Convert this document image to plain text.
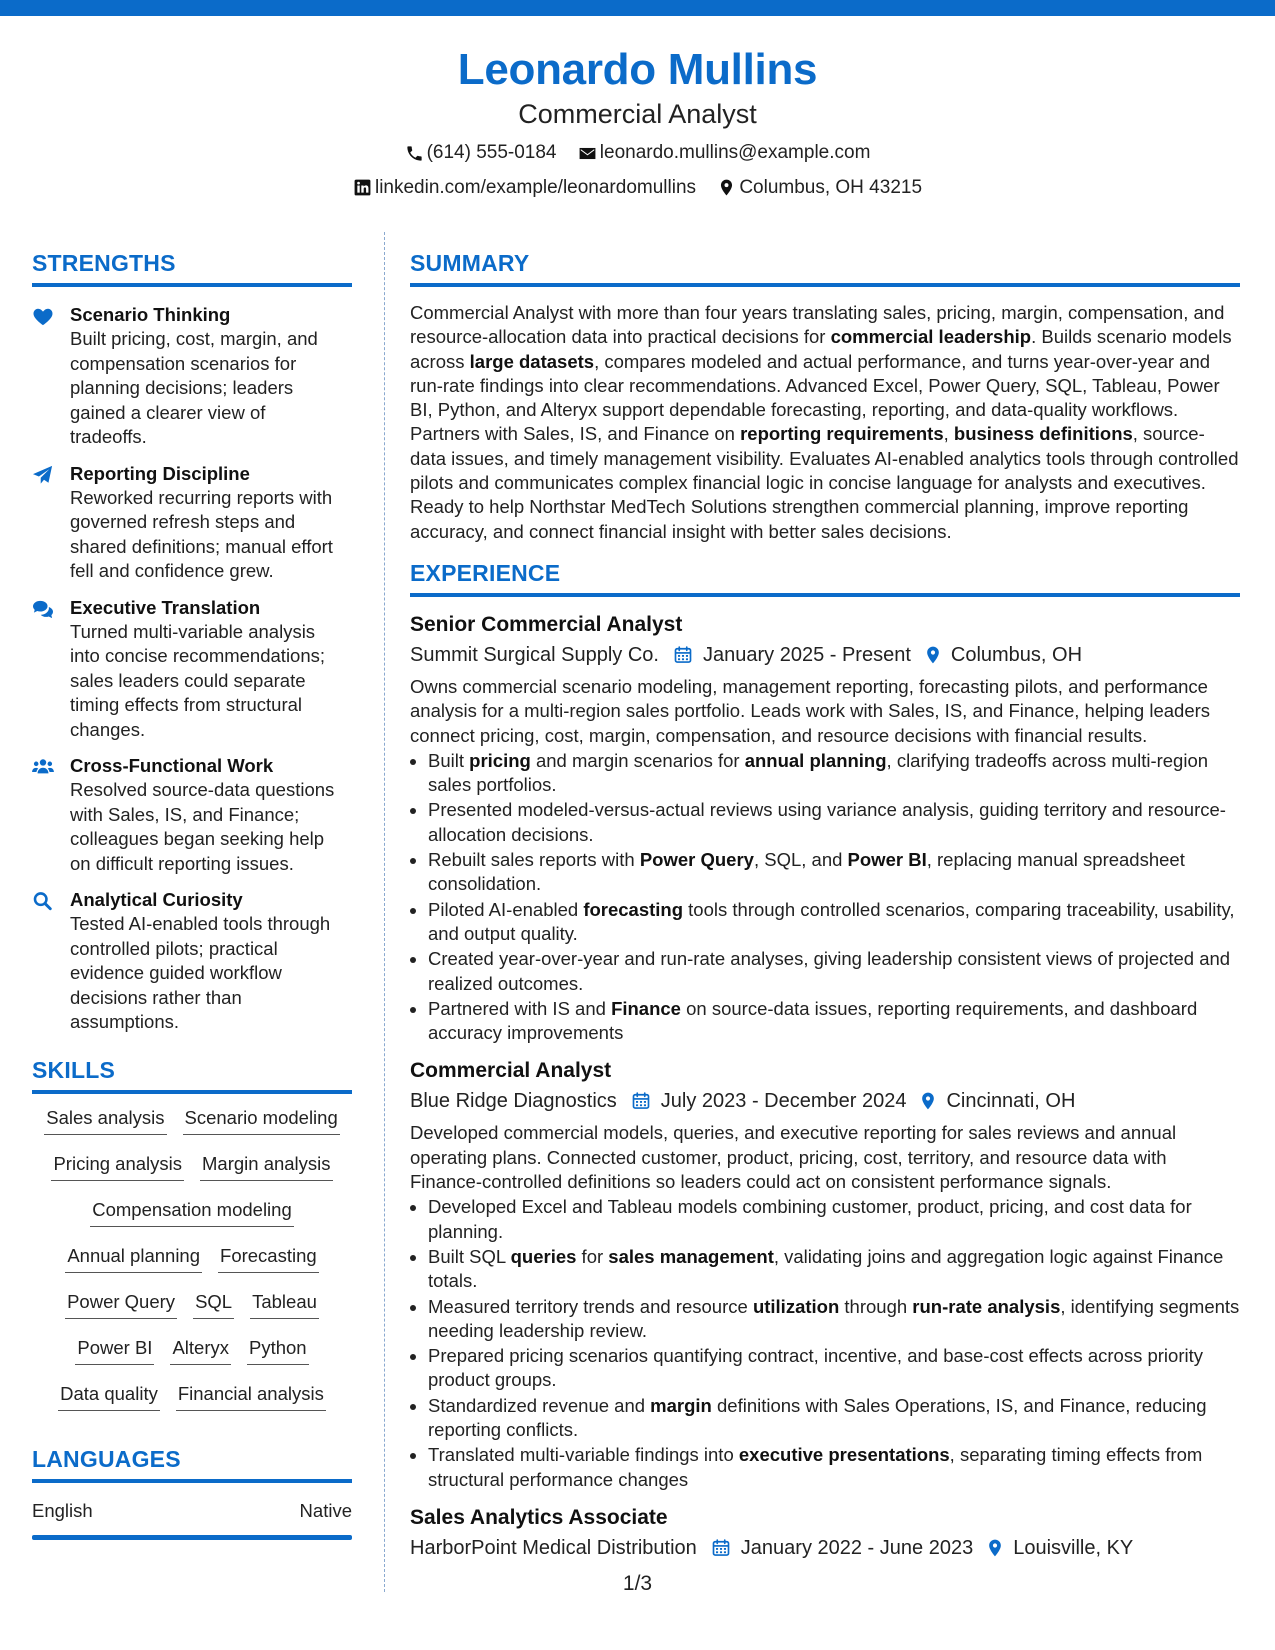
Leonardo Mullins
Commercial Analyst
(614) 555-0184
leonardo.mullins@example.com
linkedin.com/example/leonardomullins
Columbus, OH 43215
STRENGTHS
Scenario Thinking
Built pricing, cost, margin, and compensation scenarios for planning decisions; leaders gained a clearer view of tradeoffs.
Reporting Discipline
Reworked recurring reports with governed refresh steps and shared definitions; manual effort fell and confidence grew.
Executive Translation
Turned multi-variable analysis into concise recommendations; sales leaders could separate timing effects from structural changes.
Cross-Functional Work
Resolved source-data questions with Sales, IS, and Finance; colleagues began seeking help on difficult reporting issues.
Analytical Curiosity
Tested AI-enabled tools through controlled pilots; practical evidence guided workflow decisions rather than assumptions.
SKILLS
Sales analysis Scenario modeling
Pricing analysis Margin analysis
Compensation modeling
Annual planning Forecasting
Power Query SQL Tableau
Power BI Alteryx Python
Data quality Financial analysis
LANGUAGES
English	Native
SUMMARY
Commercial Analyst with more than four years translating sales, pricing, margin, compensation, and resource-allocation data into practical decisions for commercial leadership. Builds scenario models across large datasets, compares modeled and actual performance, and turns year-over-year and run-rate findings into clear recommendations. Advanced Excel, Power Query, SQL, Tableau, Power BI, Python, and Alteryx support dependable forecasting, reporting, and data-quality workflows. Partners with Sales, IS, and Finance on reporting requirements, business definitions, source-data issues, and timely management visibility. Evaluates AI-enabled analytics tools through controlled pilots and communicates complex financial logic in concise language for analysts and executives. Ready to help Northstar MedTech Solutions strengthen commercial planning, improve reporting accuracy, and connect financial insight with better sales decisions.
EXPERIENCE
Senior Commercial Analyst
Summit Surgical Supply Co. January 2025 - Present Columbus, OH
Owns commercial scenario modeling, management reporting, forecasting pilots, and performance analysis for a multi-region sales portfolio. Leads work with Sales, IS, and Finance, helping leaders connect pricing, cost, margin, compensation, and resource decisions with financial results.
• Built pricing and margin scenarios for annual planning, clarifying tradeoffs across multi-region sales portfolios.
• Presented modeled-versus-actual reviews using variance analysis, guiding territory and resource-allocation decisions.
• Rebuilt sales reports with Power Query, SQL, and Power BI, replacing manual spreadsheet consolidation.
• Piloted AI-enabled forecasting tools through controlled scenarios, comparing traceability, usability, and output quality.
• Created year-over-year and run-rate analyses, giving leadership consistent views of projected and realized outcomes.
• Partnered with IS and Finance on source-data issues, reporting requirements, and dashboard accuracy improvements
Commercial Analyst
Blue Ridge Diagnostics July 2023 - December 2024 Cincinnati, OH
Developed commercial models, queries, and executive reporting for sales reviews and annual operating plans. Connected customer, product, pricing, cost, territory, and resource data with Finance-controlled definitions so leaders could act on consistent performance signals.
• Developed Excel and Tableau models combining customer, product, pricing, and cost data for planning.
• Built SQL queries for sales management, validating joins and aggregation logic against Finance totals.
• Measured territory trends and resource utilization through run-rate analysis, identifying segments needing leadership review.
• Prepared pricing scenarios quantifying contract, incentive, and base-cost effects across priority product groups.
• Standardized revenue and margin definitions with Sales Operations, IS, and Finance, reducing reporting conflicts.
• Translated multi-variable findings into executive presentations, separating timing effects from structural performance changes
Sales Analytics Associate
HarborPoint Medical Distribution January 2022 - June 2023 Louisville, KY
1/3
